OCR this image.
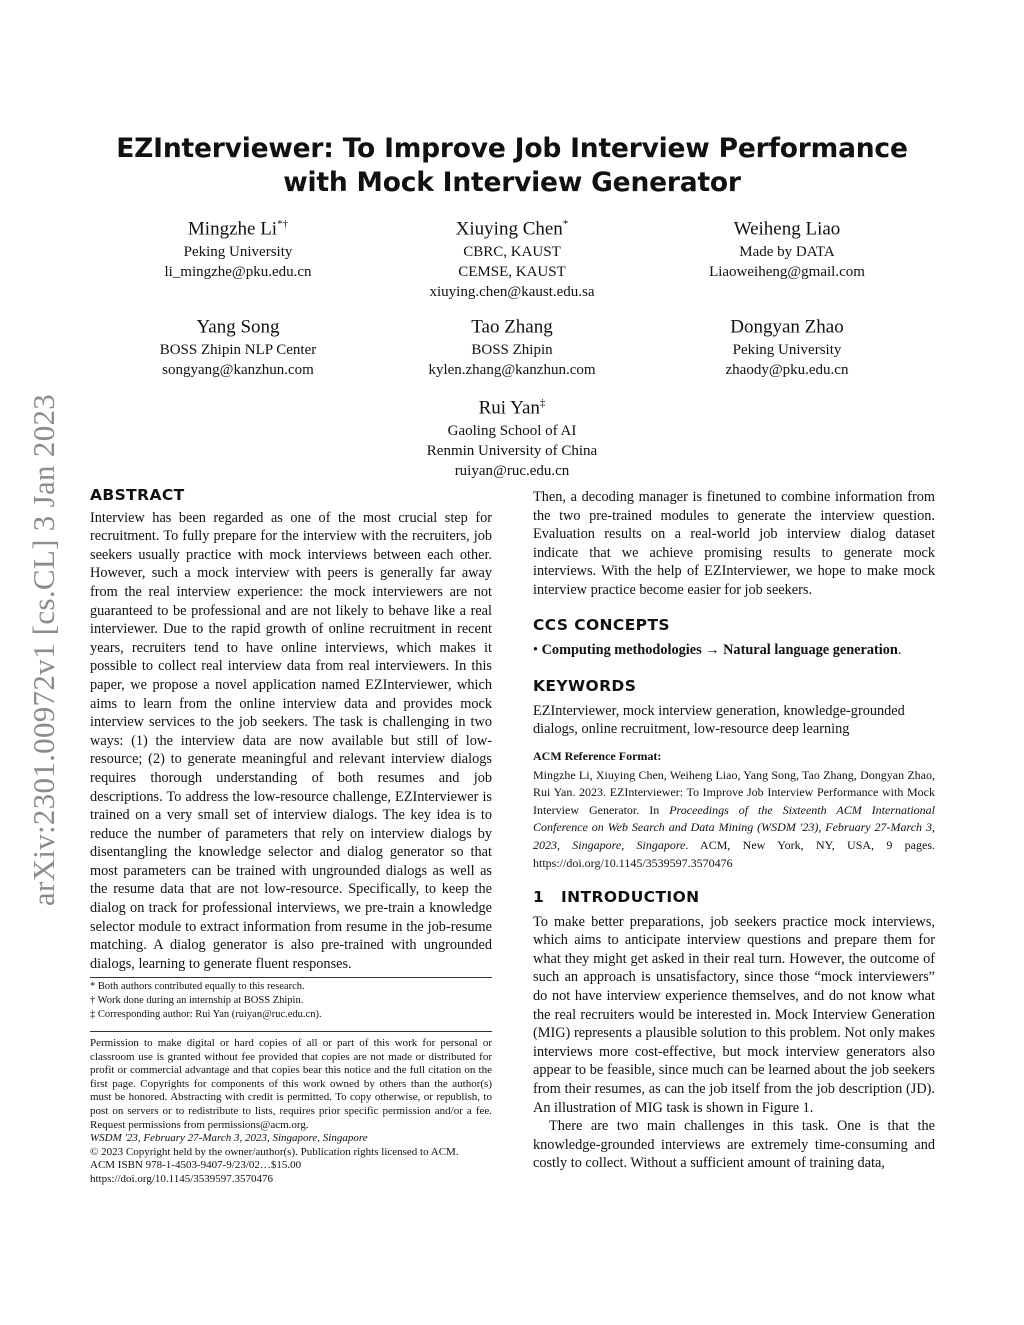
arXiv:2301.00972v1 [cs.CL] 3 Jan 2023
EZInterviewer: To Improve Job Interview Performance with Mock Interview Generator
Mingzhe Li*†
Peking University
li_mingzhe@pku.edu.cn
Xiuying Chen*
CBRC, KAUST
CEMSE, KAUST
xiuying.chen@kaust.edu.sa
Weiheng Liao
Made by DATA
Liaoweiheng@gmail.com
Yang Song
BOSS Zhipin NLP Center
songyang@kanzhun.com
Tao Zhang
BOSS Zhipin
kylen.zhang@kanzhun.com
Dongyan Zhao
Peking University
zhaody@pku.edu.cn
Rui Yan‡
Gaoling School of AI
Renmin University of China
ruiyan@ruc.edu.cn
ABSTRACT

Interview has been regarded as one of the most crucial step for recruitment. To fully prepare for the interview with the recruiters, job seekers usually practice with mock interviews between each other. However, such a mock interview with peers is generally far away from the real interview experience: the mock interviewers are not guaranteed to be professional and are not likely to behave like a real interviewer. Due to the rapid growth of online recruitment in recent years, recruiters tend to have online interviews, which makes it possible to collect real interview data from real interviewers. In this paper, we propose a novel application named EZInterviewer, which aims to learn from the online interview data and provides mock interview services to the job seekers. The task is challenging in two ways: (1) the interview data are now available but still of low-resource; (2) to generate meaningful and relevant interview dialogs requires thorough understanding of both resumes and job descriptions. To address the low-resource challenge, EZInterviewer is trained on a very small set of interview dialogs. The key idea is to reduce the number of parameters that rely on interview dialogs by disentangling the knowledge selector and dialog generator so that most parameters can be trained with ungrounded dialogs as well as the resume data that are not low-resource. Specifically, to keep the dialog on track for professional interviews, we pre-train a knowledge selector module to extract information from resume in the job-resume matching. A dialog generator is also pre-trained with ungrounded dialogs, learning to generate fluent responses.

* Both authors contributed equally to this research.
† Work done during an internship at BOSS Zhipin.
‡ Corresponding author: Rui Yan (ruiyan@ruc.edu.cn).

Permission to make digital or hard copies of all or part of this work for personal or classroom use is granted without fee provided that copies are not made or distributed for profit or commercial advantage and that copies bear this notice and the full citation on the first page. Copyrights for components of this work owned by others than the author(s) must be honored. Abstracting with credit is permitted. To copy otherwise, or republish, to post on servers or to redistribute to lists, requires prior specific permission and/or a fee. Request permissions from permissions@acm.org.

WSDM '23, February 27-March 3, 2023, Singapore, Singapore

© 2023 Copyright held by the owner/author(s). Publication rights licensed to ACM.
ACM ISBN 978-1-4503-9407-9/23/02…$15.00
https://doi.org/10.1145/3539597.3570476

Then, a decoding manager is finetuned to combine information from the two pre-trained modules to generate the interview question. Evaluation results on a real-world job interview dialog dataset indicate that we achieve promising results to generate mock interviews. With the help of EZInterviewer, we hope to make mock interview practice become easier for job seekers.

CCS CONCEPTS
• Computing methodologies → Natural language generation.
KEYWORDS

EZInterviewer, mock interview generation, knowledge-grounded dialogs, online recruitment, low-resource deep learning

ACM Reference Format:

Mingzhe Li, Xiuying Chen, Weiheng Liao, Yang Song, Tao Zhang, Dongyan Zhao, Rui Yan. 2023. EZInterviewer: To Improve Job Interview Performance with Mock Interview Generator. In Proceedings of the Sixteenth ACM International Conference on Web Search and Data Mining (WSDM '23), February 27-March 3, 2023, Singapore, Singapore. ACM, New York, NY, USA, 9 pages. https://doi.org/10.1145/3539597.3570476

1 INTRODUCTION

To make better preparations, job seekers practice mock interviews, which aims to anticipate interview questions and prepare them for what they might get asked in their real turn. However, the outcome of such an approach is unsatisfactory, since those “mock interviewers” do not have interview experience themselves, and do not know what the real recruiters would be interested in. Mock Interview Generation (MIG) represents a plausible solution to this problem. Not only makes interviews more cost-effective, but mock interview generators also appear to be feasible, since much can be learned about the job seekers from their resumes, as can the job itself from the job description (JD). An illustration of MIG task is shown in Figure 1.

There are two main challenges in this task. One is that the knowledge-grounded interviews are extremely time-consuming and costly to collect. Without a sufficient amount of training data,
